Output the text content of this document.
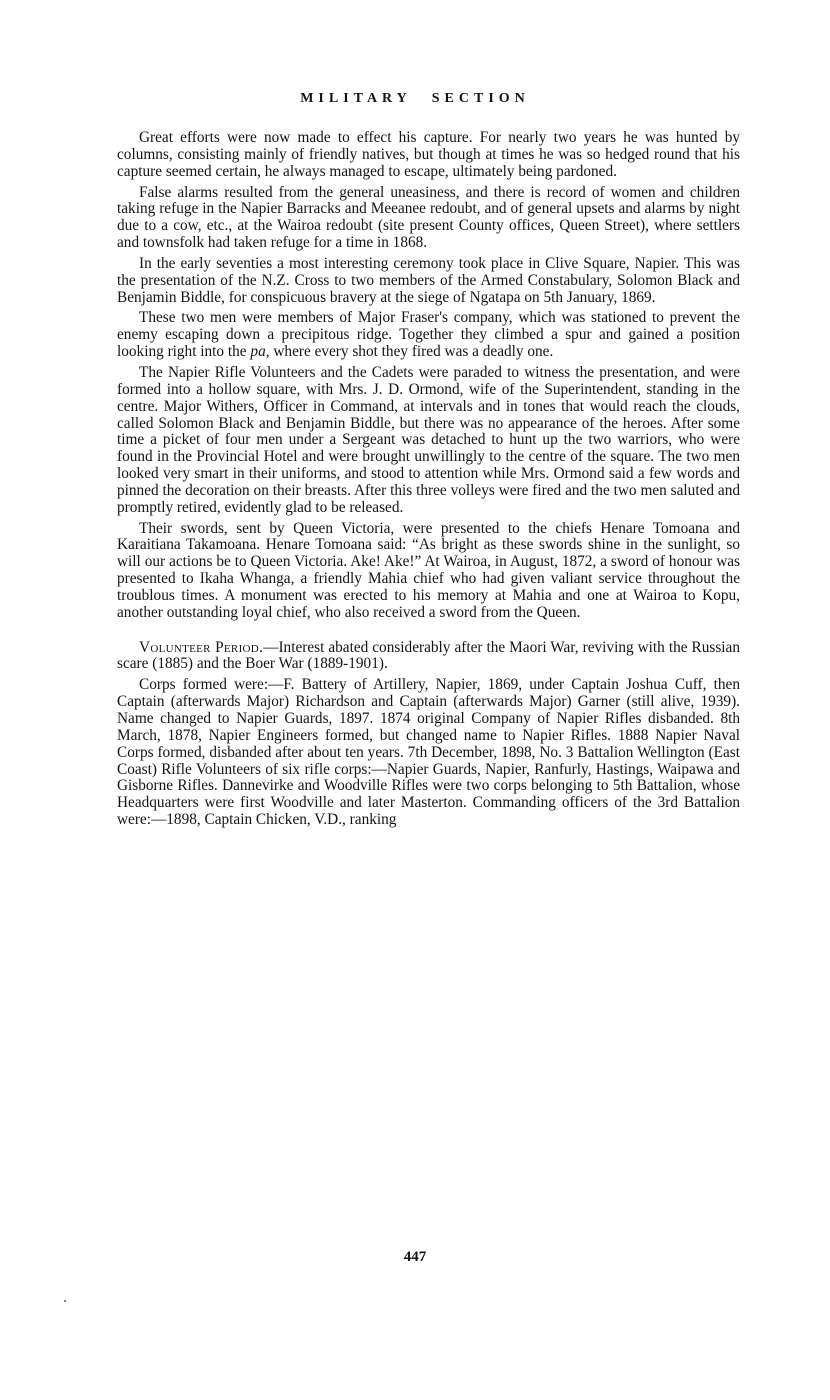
MILITARY SECTION

Great efforts were now made to effect his capture. For nearly two years he was hunted by columns, consisting mainly of friendly natives, but though at times he was so hedged round that his capture seemed certain, he always managed to escape, ultimately being pardoned.

False alarms resulted from the general uneasiness, and there is record of women and children taking refuge in the Napier Barracks and Meeanee redoubt, and of general upsets and alarms by night due to a cow, etc., at the Wairoa redoubt (site present County offices, Queen Street), where settlers and townsfolk had taken refuge for a time in 1868.

In the early seventies a most interesting ceremony took place in Clive Square, Napier. This was the presentation of the N.Z. Cross to two members of the Armed Constabulary, Solomon Black and Benjamin Biddle, for conspicuous bravery at the siege of Ngatapa on 5th January, 1869.

These two men were members of Major Fraser's company, which was stationed to prevent the enemy escaping down a precipitous ridge. Together they climbed a spur and gained a position looking right into the pa, where every shot they fired was a deadly one.

The Napier Rifle Volunteers and the Cadets were paraded to witness the presentation, and were formed into a hollow square, with Mrs. J. D. Ormond, wife of the Superintendent, standing in the centre. Major Withers, Officer in Command, at intervals and in tones that would reach the clouds, called Solomon Black and Benjamin Biddle, but there was no appearance of the heroes. After some time a picket of four men under a Sergeant was detached to hunt up the two warriors, who were found in the Provincial Hotel and were brought unwillingly to the centre of the square. The two men looked very smart in their uniforms, and stood to attention while Mrs. Ormond said a few words and pinned the decoration on their breasts. After this three volleys were fired and the two men saluted and promptly retired, evidently glad to be released.

Their swords, sent by Queen Victoria, were presented to the chiefs Henare Tomoana and Karaitiana Takamoana. Henare Tomoana said: “As bright as these swords shine in the sunlight, so will our actions be to Queen Victoria. Ake! Ake!” At Wairoa, in August, 1872, a sword of honour was presented to Ikaha Whanga, a friendly Mahia chief who had given valiant service throughout the troublous times. A monument was erected to his memory at Mahia and one at Wairoa to Kopu, another outstanding loyal chief, who also received a sword from the Queen.

Volunteer Period.—Interest abated considerably after the Maori War, reviving with the Russian scare (1885) and the Boer War (1889-1901).

Corps formed were:—F. Battery of Artillery, Napier, 1869, under Captain Joshua Cuff, then Captain (afterwards Major) Richardson and Captain (afterwards Major) Garner (still alive, 1939). Name changed to Napier Guards, 1897. 1874 original Company of Napier Rifles disbanded. 8th March, 1878, Napier Engineers formed, but changed name to Napier Rifles. 1888 Napier Naval Corps formed, disbanded after about ten years. 7th December, 1898, No. 3 Battalion Wellington (East Coast) Rifle Volunteers of six rifle corps:—Napier Guards, Napier, Ranfurly, Hastings, Waipawa and Gisborne Rifles. Dannevirke and Woodville Rifles were two corps belonging to 5th Battalion, whose Headquarters were first Woodville and later Masterton. Commanding officers of the 3rd Battalion were:—1898, Captain Chicken, V.D., ranking

447
